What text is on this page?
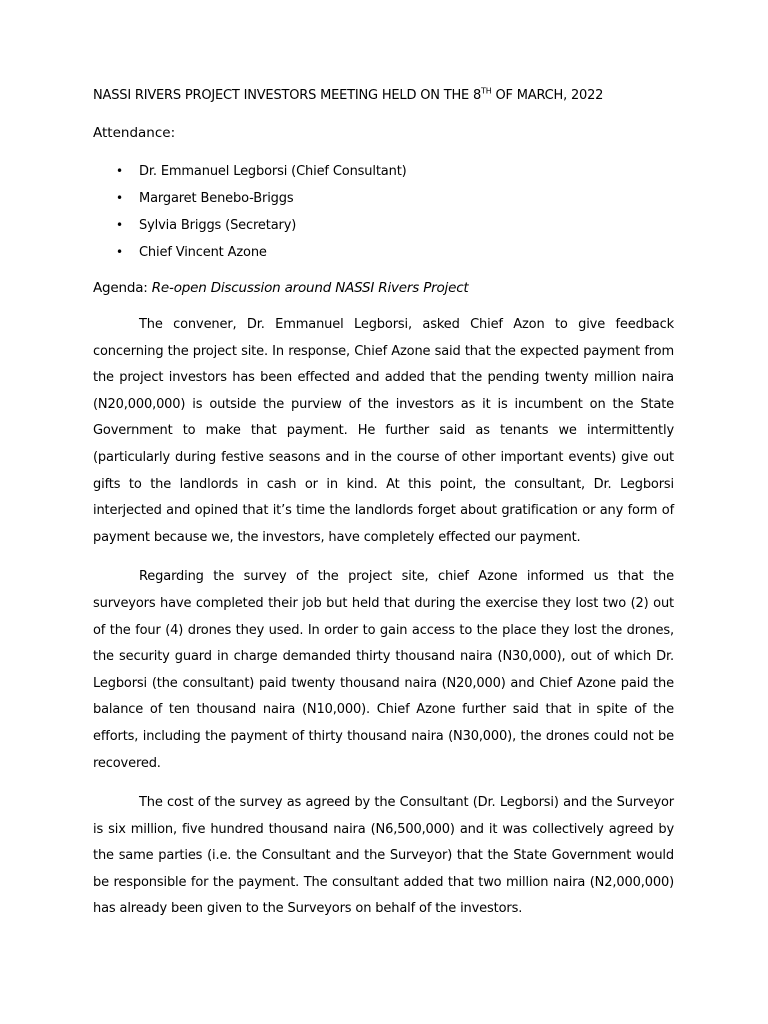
NASSI RIVERS PROJECT INVESTORS MEETING HELD ON THE 8TH OF MARCH, 2022
Attendance:
•	Dr. Emmanuel Legborsi (Chief Consultant)
•	Margaret Benebo-Briggs
•	Sylvia Briggs (Secretary)
•	Chief Vincent Azone

Agenda: Re-open Discussion around NASSI Rivers Project

The convener, Dr. Emmanuel Legborsi, asked Chief Azon to give feedback concerning the project site. In response, Chief Azone said that the expected payment from the project investors has been effected and added that the pending twenty million naira (N20,000,000) is outside the purview of the investors as it is incumbent on the State Government to make that payment. He further said as tenants we intermittently (particularly during festive seasons and in the course of other important events) give out gifts to the landlords in cash or in kind. At this point, the consultant, Dr. Legborsi interjected and opined that it’s time the landlords forget about gratification or any form of payment because we, the investors, have completely effected our payment.

Regarding the survey of the project site, chief Azone informed us that the surveyors have completed their job but held that during the exercise they lost two (2) out of the four (4) drones they used. In order to gain access to the place they lost the drones, the security guard in charge demanded thirty thousand naira (N30,000), out of which Dr. Legborsi (the consultant) paid twenty thousand naira (N20,000) and Chief Azone paid the balance of ten thousand naira (N10,000). Chief Azone further said that in spite of the efforts, including the payment of thirty thousand naira (N30,000), the drones could not be recovered.

The cost of the survey as agreed by the Consultant (Dr. Legborsi) and the Surveyor is six million, five hundred thousand naira (N6,500,000) and it was collectively agreed by the same parties (i.e. the Consultant and the Surveyor) that the State Government would be responsible for the payment. The consultant added that two million naira (N2,000,000) has already been given to the Surveyors on behalf of the investors.
